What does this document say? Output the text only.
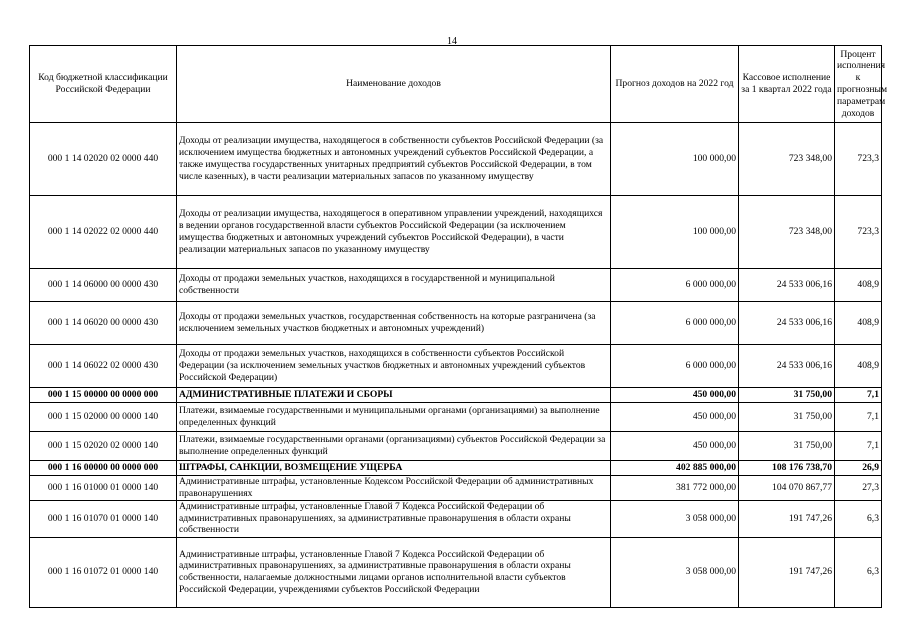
14
Код бюджетной классификации Российской Федерации	Наименование доходов	Прогноз доходов на 2022 год	Кассовое исполнение за 1 квартал 2022 года	Процент исполнения к прогнозным параметрам доходов
000 1 14 02020 02 0000 440	Доходы от реализации имущества, находящегося в собственности субъектов Российской Федерации (за исключением имущества бюджетных и автономных учреждений субъектов Российской Федерации, а также имущества государственных унитарных предприятий субъектов Российской Федерации, в том числе казенных), в части реализации материальных запасов по указанному имуществу	100 000,00	723 348,00	723,3
000 1 14 02022 02 0000 440	Доходы от реализации имущества, находящегося в оперативном управлении учреждений, находящихся в ведении органов государственной власти субъектов Российской Федерации (за исключением имущества бюджетных и автономных учреждений субъектов Российской Федерации), в части реализации материальных запасов по указанному имуществу	100 000,00	723 348,00	723,3
000 1 14 06000 00 0000 430	Доходы от продажи земельных участков, находящихся в государственной и муниципальной собственности	6 000 000,00	24 533 006,16	408,9
000 1 14 06020 00 0000 430	Доходы от продажи земельных участков, государственная собственность на которые разграничена (за исключением земельных участков бюджетных и автономных учреждений)	6 000 000,00	24 533 006,16	408,9
000 1 14 06022 02 0000 430	Доходы от продажи земельных участков, находящихся в собственности субъектов Российской Федерации (за исключением земельных участков бюджетных и автономных учреждений субъектов Российской Федерации)	6 000 000,00	24 533 006,16	408,9
000 1 15 00000 00 0000 000	АДМИНИСТРАТИВНЫЕ ПЛАТЕЖИ И СБОРЫ	450 000,00	31 750,00	7,1
000 1 15 02000 00 0000 140	Платежи, взимаемые государственными и муниципальными органами (организациями) за выполнение определенных функций	450 000,00	31 750,00	7,1
000 1 15 02020 02 0000 140	Платежи, взимаемые государственными органами (организациями) субъектов Российской Федерации за выполнение определенных функций	450 000,00	31 750,00	7,1
000 1 16 00000 00 0000 000	ШТРАФЫ, САНКЦИИ, ВОЗМЕЩЕНИЕ УЩЕРБА	402 885 000,00	108 176 738,70	26,9
000 1 16 01000 01 0000 140	Административные штрафы, установленные Кодексом Российской Федерации об административных правонарушениях	381 772 000,00	104 070 867,77	27,3
000 1 16 01070 01 0000 140	Административные штрафы, установленные Главой 7 Кодекса Российской Федерации об административных правонарушениях, за административные правонарушения в области охраны собственности	3 058 000,00	191 747,26	6,3
000 1 16 01072 01 0000 140	Административные штрафы, установленные Главой 7 Кодекса Российской Федерации об административных правонарушениях, за административные правонарушения в области охраны собственности, налагаемые должностными лицами органов исполнительной власти субъектов Российской Федерации, учреждениями субъектов Российской Федерации	3 058 000,00	191 747,26	6,3
